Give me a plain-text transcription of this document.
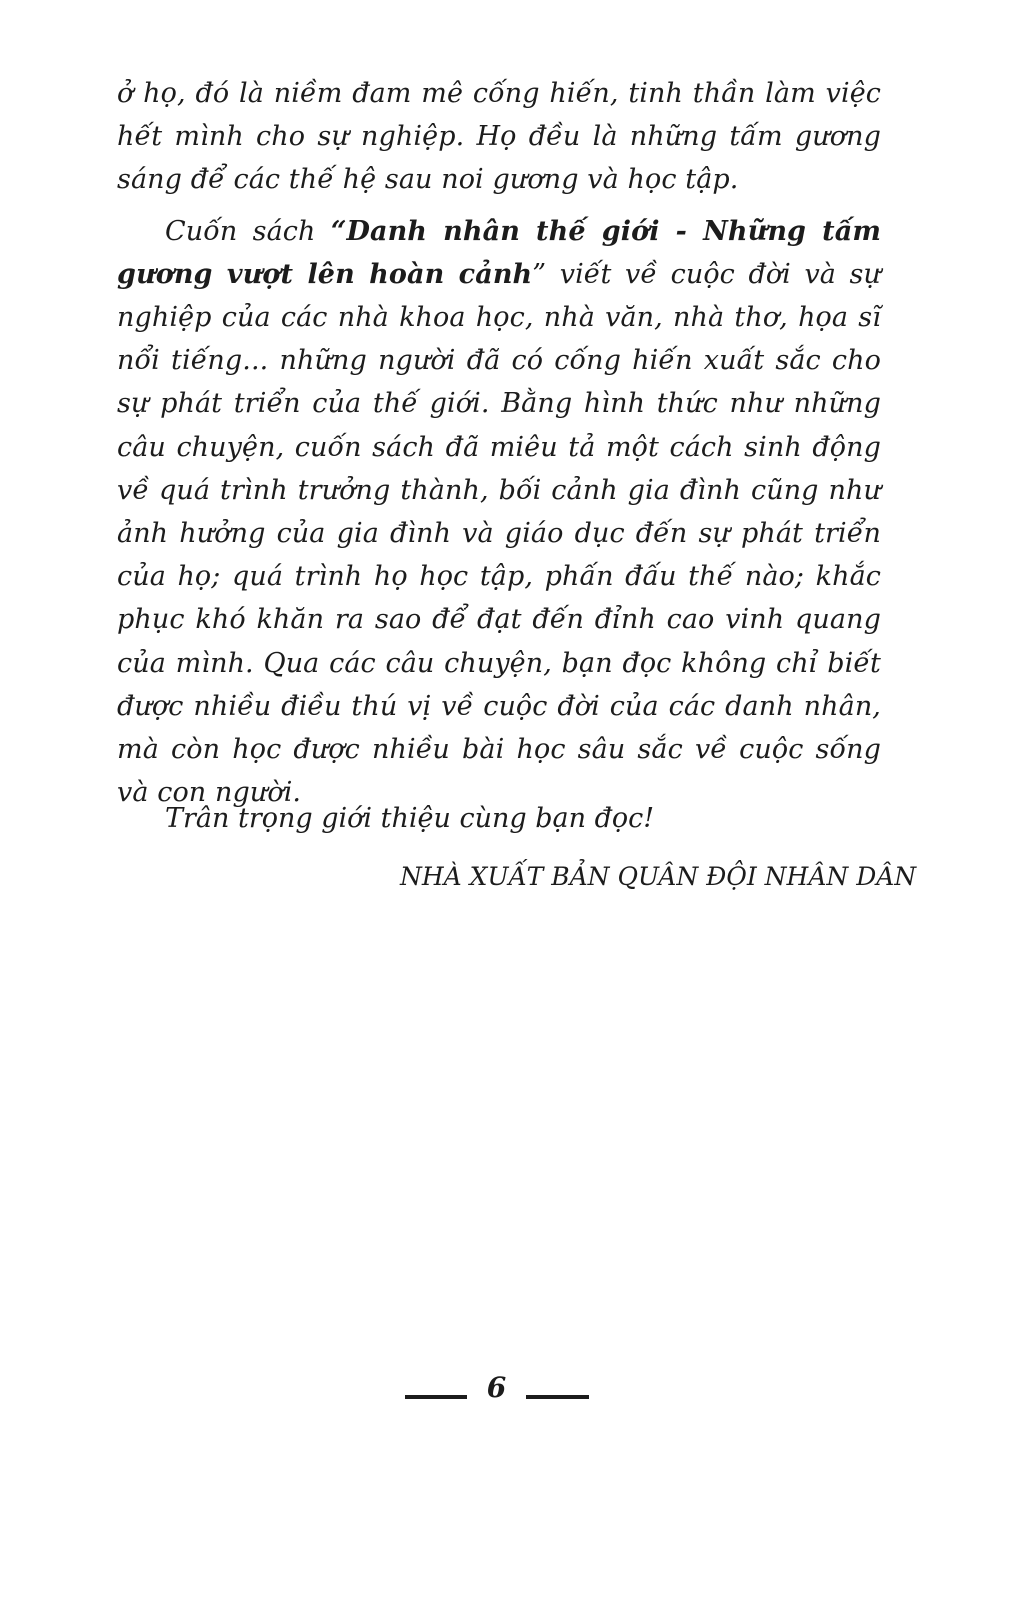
ở họ, đó là niềm đam mê cống hiến, tinh thần làm việc hết mình cho sự nghiệp. Họ đều là những tấm gương sáng để các thế hệ sau noi gương và học tập.

Cuốn sách “Danh nhân thế giới - Những tấm gương vượt lên hoàn cảnh” viết về cuộc đời và sự nghiệp của các nhà khoa học, nhà văn, nhà thơ, họa sĩ nổi tiếng... những người đã có cống hiến xuất sắc cho sự phát triển của thế giới. Bằng hình thức như những câu chuyện, cuốn sách đã miêu tả một cách sinh động về quá trình trưởng thành, bối cảnh gia đình cũng như ảnh hưởng của gia đình và giáo dục đến sự phát triển của họ; quá trình họ học tập, phấn đấu thế nào; khắc phục khó khăn ra sao để đạt đến đỉnh cao vinh quang của mình. Qua các câu chuyện, bạn đọc không chỉ biết được nhiều điều thú vị về cuộc đời của các danh nhân, mà còn học được nhiều bài học sâu sắc về cuộc sống và con người.

Trân trọng giới thiệu cùng bạn đọc!
NHÀ XUẤT BẢN QUÂN ĐỘI NHÂN DÂN
6
